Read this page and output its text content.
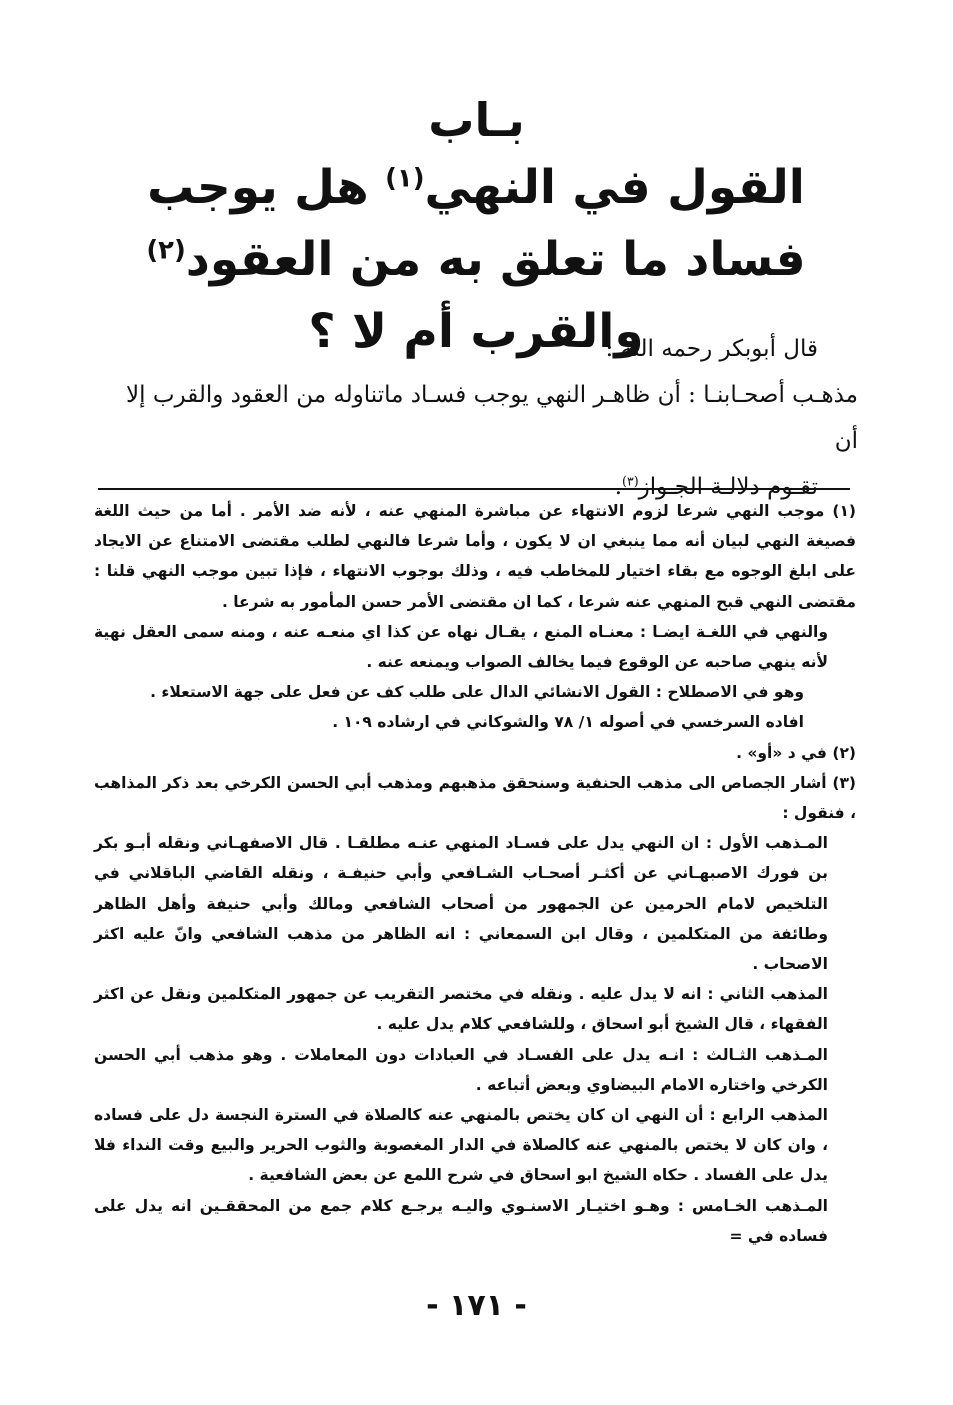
بـاب
القول في النهي$^{(١)}$ هل يوجب فساد ما تعلق به من العقود$^{(٢)}$ والقرب أم لا ؟
قال أبوبكر رحمه الله :
مذهـب أصحـابنـا : أن ظاهـر النهي يوجب فسـاد ماتناوله من العقود والقرب إلا أن
تقـوم دلالـة الجـواز$^{(٣)}$.

(١) موجب النهي شرعا لزوم الانتهاء عن مباشرة المنهي عنه ، لأنه ضد الأمر . أما من حيث اللغة فصيغة النهي لبيان أنه مما ينبغي ان لا يكون ، وأما شرعا فالنهي لطلب مقتضى الامتناع عن الايجاد على ابلغ الوجوه مع بقاء اختيار للمخاطب فيه ، وذلك بوجوب الانتهاء ، فإذا تبين موجب النهي قلنا : مقتضى النهي قبح المنهي عنه شرعا ، كما ان مقتضى الأمر حسن المأمور به شرعا .

والنهي في اللغـة ايضـا : معنـاه المنع ، يقـال نهاه عن كذا اي منعـه عنه ، ومنه سمى العقل نهية لأنه ينهي صاحبه عن الوقوع فيما يخالف الصواب ويمنعه عنه .

وهو في الاصطلاح : القول الانشائي الدال على طلب كف عن فعل على جهة الاستعلاء .

افاده السرخسي في أصوله ١/ ٧٨ والشوكاني في ارشاده ١٠٩ .

(٢) في د «أو» .

(٣) أشار الجصاص الى مذهب الحنفية وسنحقق مذهبهم ومذهب أبي الحسن الكرخي بعد ذكر المذاهب ، فنقول :

المـذهب الأول : ان النهي يدل على فسـاد المنهي عنـه مطلقـا . قال الاصفهـاني ونقله أبـو بكر بن فورك الاصبهـاني عن أكثـر أصحـاب الشـافعي وأبي حنيفـة ، ونقله القاضي الباقلاني في التلخيص لامام الحرمين عن الجمهور من أصحاب الشافعي ومالك وأبي حنيفة وأهل الظاهر وطائفة من المتكلمين ، وقال ابن السمعاني : انه الظاهر من مذهب الشافعي وانّ عليه اكثر الاصحاب .

المذهب الثاني : انه لا يدل عليه . ونقله في مختصر التقريب عن جمهور المتكلمين ونقل عن اكثر الفقهاء ، قال الشيخ أبو اسحاق ، وللشافعي كلام يدل عليه .

المـذهب الثـالث : انـه يدل على الفسـاد في العبادات دون المعاملات . وهو مذهب أبي الحسن الكرخي واختاره الامام البيضاوي وبعض أتباعه .

المذهب الرابع : أن النهي ان كان يختص بالمنهي عنه كالصلاة في السترة النجسة دل على فساده ، وان كان لا يختص بالمنهي عنه كالصلاة في الدار المغصوبة والثوب الحرير والبيع وقت النداء فلا يدل على الفساد . حكاه الشيخ ابو اسحاق في شرح اللمع عن بعض الشافعية .

المـذهب الخـامس : وهـو اختيـار الاسنـوي واليـه يرجـع كلام جمع من المحققـين انه يدل على فساده في =

- ١٧١ -
